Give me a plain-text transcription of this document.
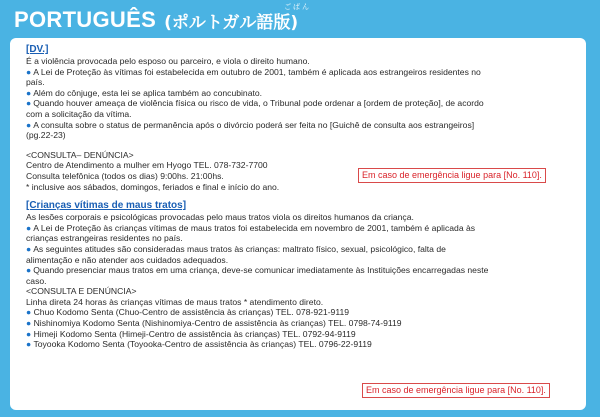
PORTUGUÊS
ごばん
(ポルトガル語版)
[DV.]
É a violência provocada pelo esposo ou parceiro, e viola o direito humano.
● A Lei de Proteção às vítimas foi estabelecida em outubro de 2001, também é aplicada aos estrangeiros residentes no
país.
● Além do cônjuge, esta lei se aplica também ao concubinato.
● Quando houver ameaça de violência física ou risco de vida, o Tribunal pode ordenar a [ordem de proteção], de acordo
com a solicitação da vítima.
● A consulta sobre o status de permanência após o divórcio poderá ser feita no [Guichê de consulta aos estrangeiros]
(pg.22-23)
<CONSULTA– DENÚNCIA>
Centro de Atendimento a mulher em Hyogo TEL. 078-732-7700
Consulta telefônica (todos os dias) 9:00hs. 21:00hs.
* inclusive aos sábados, domingos, feriados e final e início do ano.
[Crianças vítimas de maus tratos]
As lesões corporais e psicológicas provocadas pelo maus tratos viola os direitos humanos da criança.
● A Lei de Proteção às crianças vítimas de maus tratos foi estabelecida em novembro de 2001, também é aplicada às
crianças estrangeiras residentes no país.
● As seguintes atitudes são consideradas maus tratos às crianças: maltrato físico, sexual, psicológico, falta de
alimentação e não atender aos cuidados adequados.
● Quando presenciar maus tratos em uma criança, deve-se comunicar imediatamente às Instituições encarregadas neste
caso.
<CONSULTA E DENÚNCIA>
Linha direta 24 horas às crianças vítimas de maus tratos * atendimento direto.
● Chuo Kodomo Senta (Chuo-Centro de assistência às crianças) TEL. 078-921-9119
● Nishinomiya Kodomo Senta (Nishinomiya-Centro de assistência às crianças) TEL. 0798-74-9119
● Himeji Kodomo Senta (Himeji-Centro de assistência às crianças) TEL. 0792-94-9119
● Toyooka Kodomo Senta (Toyooka-Centro de assistência às crianças) TEL. 0796-22-9119
Em caso de emergência ligue para [No. 110].
Em caso de emergência ligue para [No. 110].
